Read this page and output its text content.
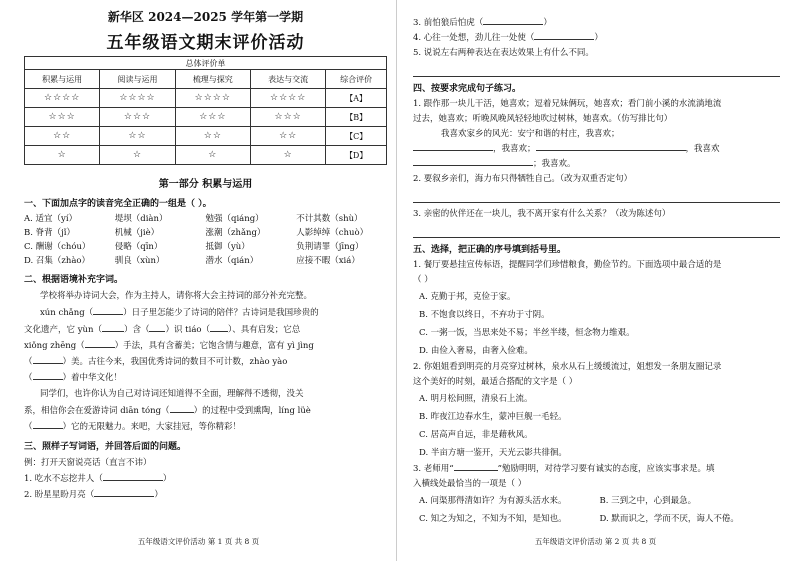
新华区 2024—2025 学年第一学期
五年级语文期末评价活动
总体评价单				
积累与运用	阅读与运用	梳理与探究	表达与交流	综合评价
☆☆☆☆	☆☆☆☆	☆☆☆☆	☆☆☆☆	【A】
☆☆☆	☆☆☆	☆☆☆	☆☆☆	【B】
☆☆	☆☆	☆☆	☆☆	【C】
☆	☆	☆	☆	【D】
第一部分 积累与运用
一、下面加点字的读音完全正确的一组是（ ）。
A. 适宜（yí）	堤坝（diàn）	勉强（qiáng）	不计其数（shù）
B. 脊背（jǐ）	机械（jiè）	涨潮（zhǎng）	人影绰绰（chuò）
C. 酬谢（chóu）	侵略（qīn）	抵御（yù）	负荆请罪（jīng）
D. 召集（zhào）	驯良（xùn）	潜水（qián）	应接不暇（xiá）
二、根据语境补充字词。
学校将举办诗词大会，作为主持人，请你将大会主持词的部分补充完整。
xún chǎng（	）日子里怎能少了诗词的陪伴？古诗词是我国珍贵的
文化遗产，它 yùn（	）含（ ）识 tiáo（ ）、具有启发；它总
xiǒng zhēng（	）手法，具有含蓄美；它饱含情与趣意，富有 yì jìng
（	）美。古往今来，我国优秀诗词的数目不可计数，zhào yào
（	）着中华文化！
同学们，也许你认为自己对诗词还知道得不全面，理解得不透彻，没关
系，相信你会在爱游诗词 diān tóng（	）的过程中受到熏陶，líng lüè
（	）它的无限魅力。来吧，大家挂冠，等你精彩！
三、照样子写词语，并回答后面的问题。
例：打开天窗说亮话（直言不讳）
1. 吃水不忘挖井人（	）
2. 盼星星盼月亮（	）
五年级语文评价活动 第 1 页 共 8 页
3. 前怕狼后怕虎（	）
4. 心往一处想，劲儿往一处使（	）
5. 说说左右两种表达在表达效果上有什么不同。
四、按要求完成句子练习。
1. 跟作那一块儿干活，她喜欢；逗着兄妹俩玩，她喜欢；看门前小溪的水流淌地流
过去，她喜欢；听晚风晚风轻轻地吹过树林，她喜欢。（仿写排比句）
我喜欢家乡的风光：安宁和谐的村庄，我喜欢；
，我喜欢；	，我喜欢
；我喜欢。
2. 要叙乡亲们，海力布只得牺牲自己。（改为双重否定句）
3. 亲密的伙伴还在一块儿，我不离开家有什么关系？（改为陈述句）
五、选择，把正确的序号填到括号里。
1. 餐厅要悬挂宣传标语，提醒同学们珍惜粮食，勤俭节约。下面选项中最合适的是
（ ）
A. 克勤于邦，克俭于家。
B. 不饱食以终日，不弃功于寸阴。
C. 一粥一饭，当思来处不易；半丝半缕，恒念物力维艰。
D. 由俭入奢易，由奢入俭难。
2. 你姐姐看到明亮的月亮穿过树林，泉水从石上缓缓流过，姐想发一条朋友圈记录
这个美好的时刻，最适合搭配的文字是（ ）
A. 明月松间照，清泉石上流。
B. 昨夜江边春水生，蒙冲巨舰一毛轻。
C. 居高声自远，非是藉秋风。
D. 半亩方塘一鉴开，天光云影共徘徊。
3. 老师用“	”勉励明明，对待学习要有诚实的态度，应该实事求是。填
入横线处最恰当的一项是（ ）
A. 问渠那得清如许？为有源头活水来。	B. 三到之中，心到最急。
C. 知之为知之，不知为不知，是知也。	D. 默而识之，学而不厌，诲人不倦。
五年级语文评价活动 第 2 页 共 8 页
